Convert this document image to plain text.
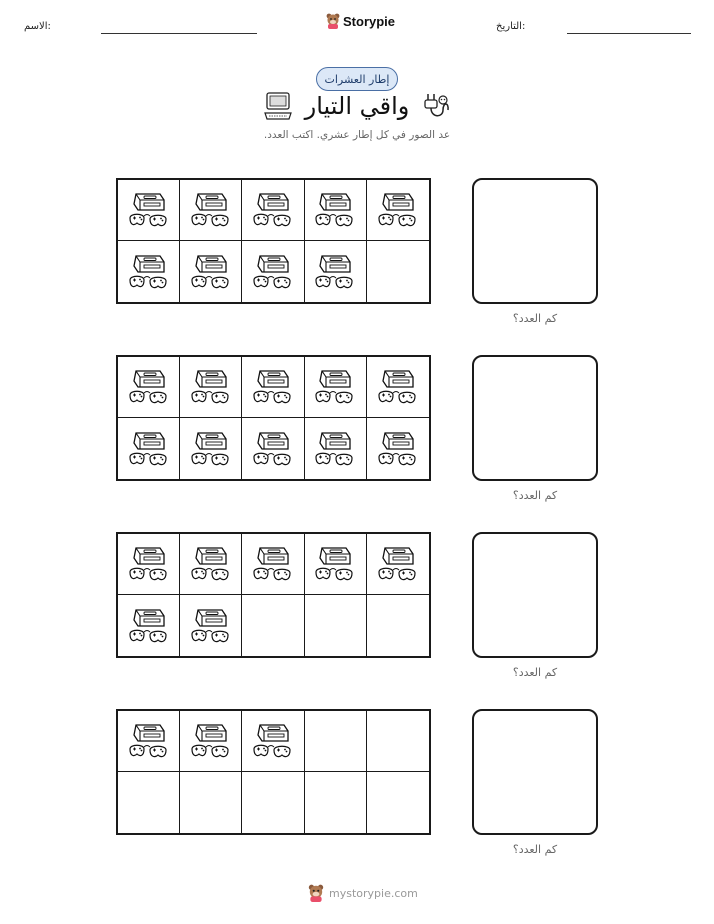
الاسم:	Storypie	التاريخ:
إطار العشرات
واقي التيار
عد الصور في كل إطار عشري. اكتب العدد.
كم العدد؟
كم العدد؟
كم العدد؟
كم العدد؟
mystorypie.com
